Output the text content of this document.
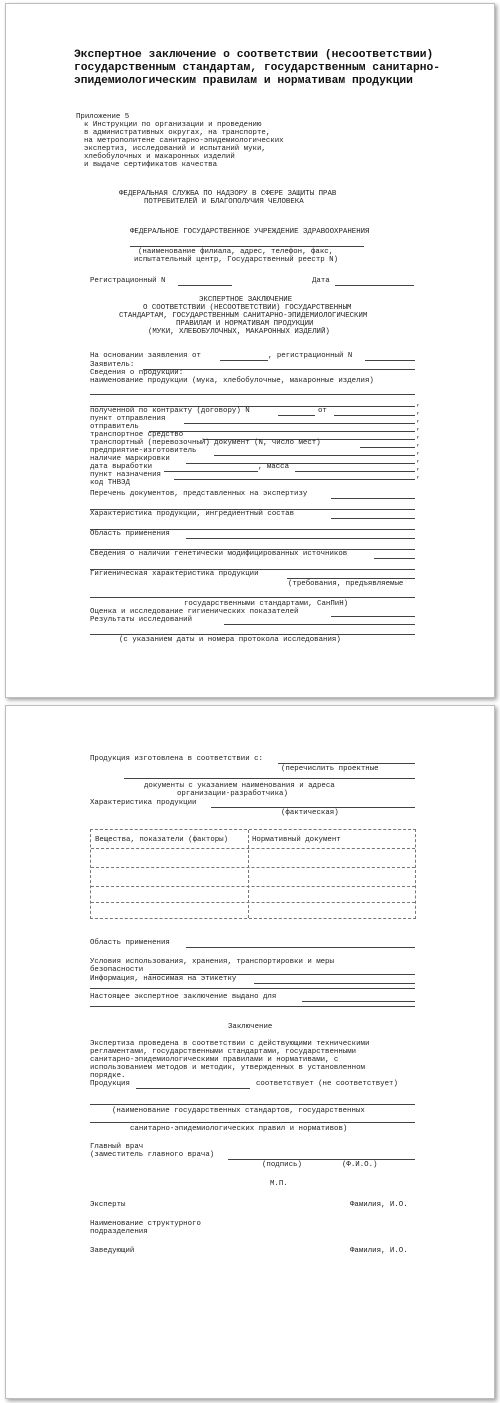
Экспертное заключение о соответствии (несоответствии)
государственным стандартам, государственным санитарно-
эпидемиологическим правилам и нормативам продукции
Приложение 5
к Инструкции по организации и проведению
в административных округах, на транспорте,
на метрополитене санитарно-эпидемиологических
экспертиз, исследований и испытаний муки,
хлебобулочных и макаронных изделий
и выдаче сертификатов качества
ФЕДЕРАЛЬНАЯ СЛУЖБА ПО НАДЗОРУ В СФЕРЕ ЗАЩИТЫ ПРАВ
ПОТРЕБИТЕЛЕЙ И БЛАГОПОЛУЧИЯ ЧЕЛОВЕКА
ФЕДЕРАЛЬНОЕ ГОСУДАРСТВЕННОЕ УЧРЕЖДЕНИЕ ЗДРАВООХРАНЕНИЯ
(наименование филиала, адрес, телефон, факс,
испытательный центр, Государственный реестр N)
Регистрационный N	Дата
ЭКСПЕРТНОЕ ЗАКЛЮЧЕНИЕ
О СООТВЕТСТВИИ (НЕСООТВЕТСТВИИ) ГОСУДАРСТВЕННЫМ
СТАНДАРТАМ, ГОСУДАРСТВЕННЫМ САНИТАРНО-ЭПИДЕМИОЛОГИЧЕСКИМ
ПРАВИЛАМ И НОРМАТИВАМ ПРОДУКЦИИ
(МУКИ, ХЛЕБОБУЛОЧНЫХ, МАКАРОННЫХ ИЗДЕЛИЙ)
На основании заявления от	, регистрационный N
Заявитель:
Сведения о продукции:
наименование продукции (мука, хлебобулочные, макаронные изделия)
,
полученной по контракту (договору) N	от	,
пункт отправления	,
отправитель	,
транспортное средство	,
транспортный (перевозочный) документ (N, число мест)	,
предприятие-изготовитель	,
наличие маркировки	,
дата выработки	, масса	,
пункт назначения	,
код ТНВЭД
Перечень документов, представленных на экспертизу
Характеристика продукции, ингредиентный состав
Область применения
Сведения о наличии генетически модифицированных источников
Гигиеническая характеристика продукции
(требования, предъявляемые
государственными стандартами, СанПиН)
Оценка и исследование гигиенических показателей
Результаты исследований
(с указанием даты и номера протокола исследования)
Продукция изготовлена в соответствии с:
(перечислить проектные
документы с указанием наименования и адреса
организации-разработчика)
Характеристика продукции
(фактическая)
Вещества, показатели (факторы)	Нормативный документ
Область применения
Условия использования, хранения, транспортировки и меры
безопасности
Информация, наносимая на этикетку
Настоящее экспертное заключение выдано для
Заключение
Экспертиза проведена в соответствии с действующими техническими
регламентами, государственными стандартами, государственными
санитарно-эпидемиологическими правилами и нормативами, с
использованием методов и методик, утвержденных в установленном
порядке.
Продукция	соответствует (не соответствует)
(наименование государственных стандартов, государственных
санитарно-эпидемиологических правил и нормативов)
Главный врач
(заместитель главного врача)
(подпись)	(Ф.И.О.)
М.П.
Эксперты	Фамилия, И.О.
Наименование структурного
подразделения
Заведующий	Фамилия, И.О.
